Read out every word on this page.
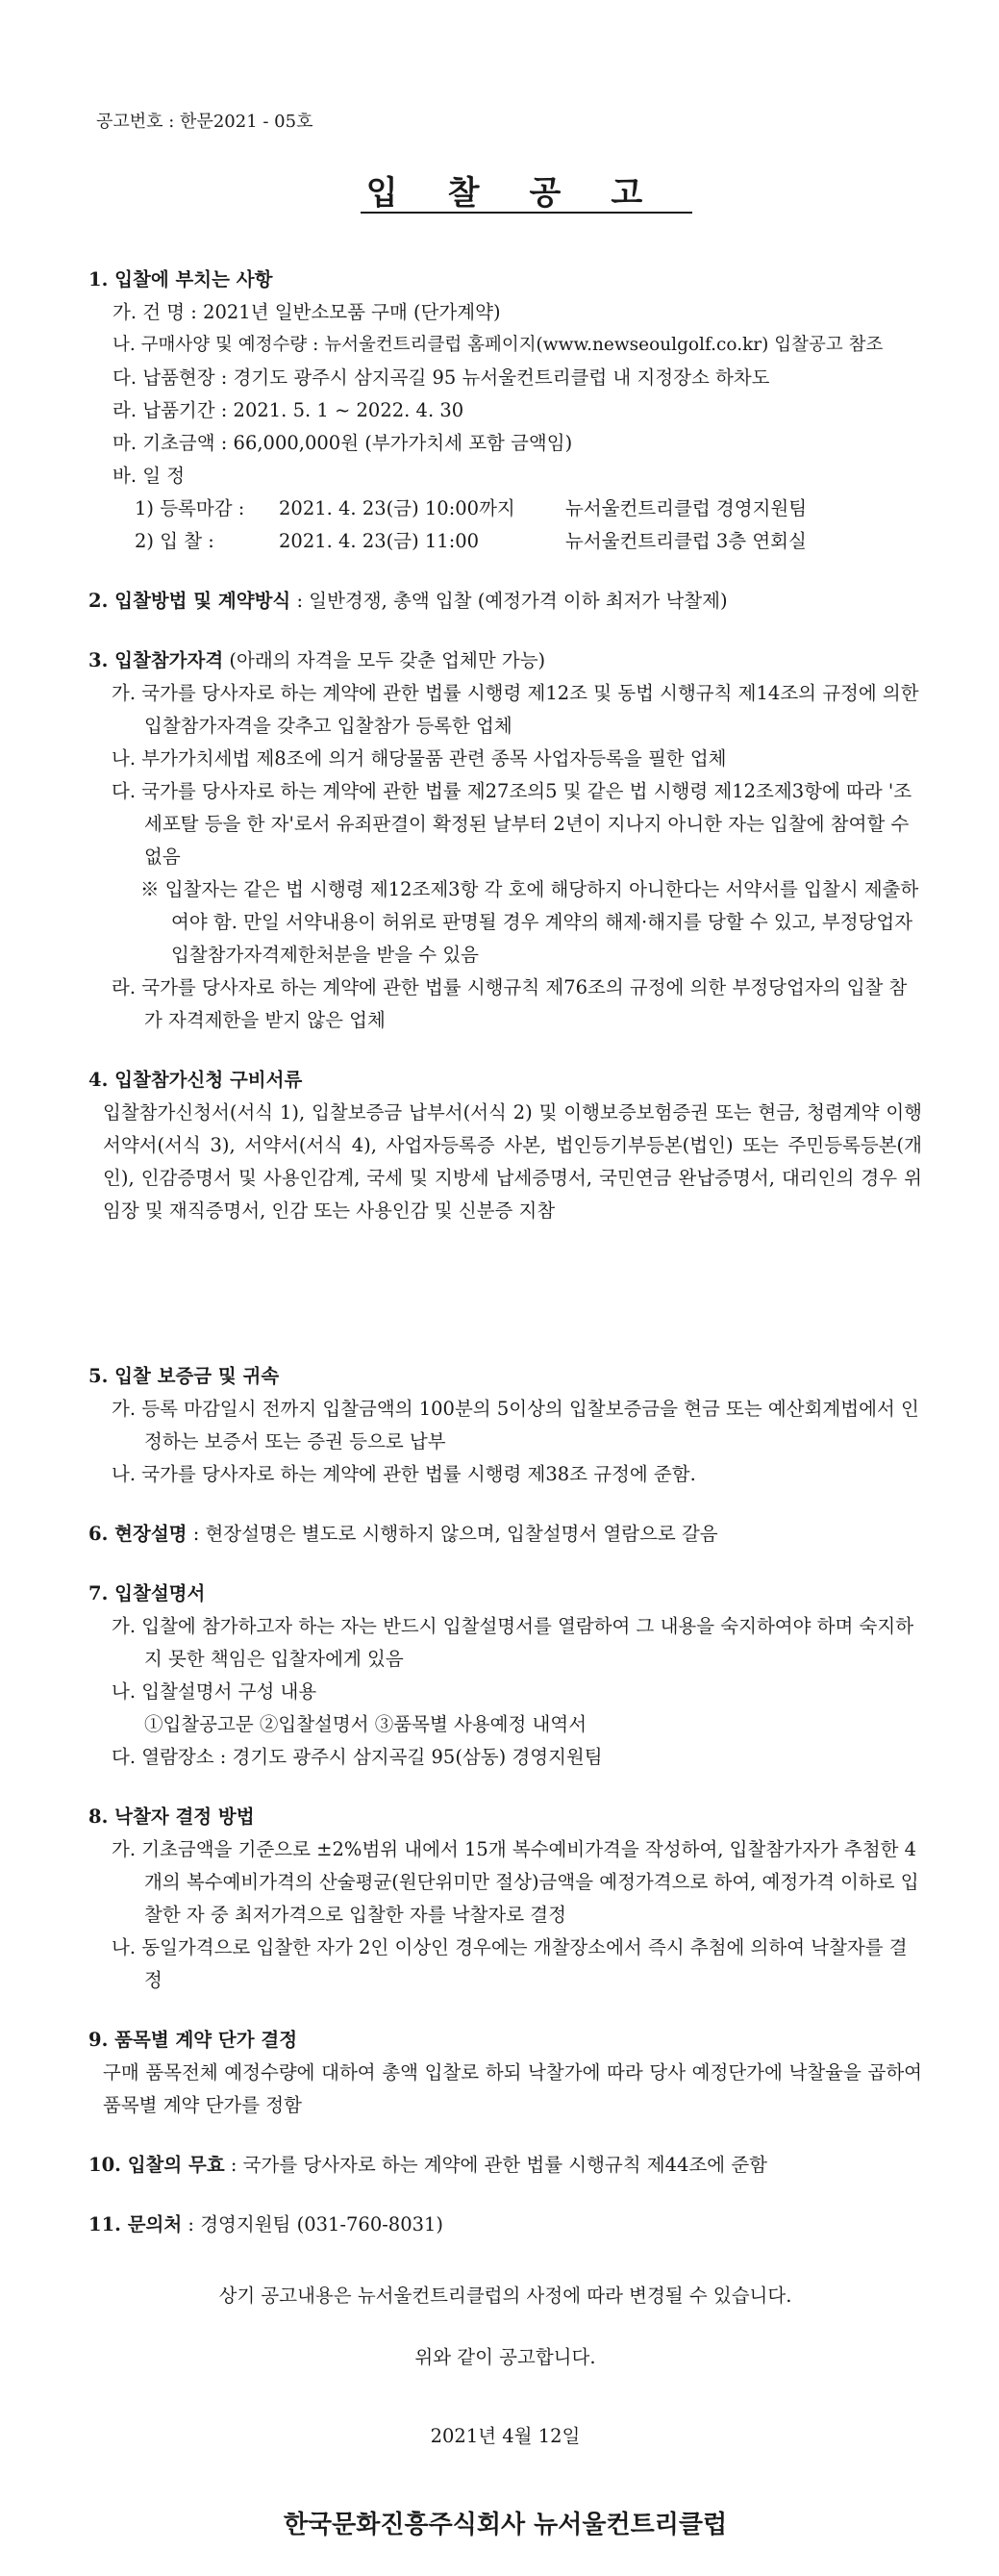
공고번호 : 한문2021 - 05호
입찰공고
1. 입찰에 부치는 사항
가. 건 명 : 2021년 일반소모품 구매 (단가계약)
나. 구매사양 및 예정수량 : 뉴서울컨트리클럽 홈페이지(www.newseoulgolf.co.kr) 입찰공고 참조
다. 납품현장 : 경기도 광주시 삼지곡길 95 뉴서울컨트리클럽 내 지정장소 하차도
라. 납품기간 : 2021. 5. 1 ~ 2022. 4. 30
마. 기초금액 : 66,000,000원 (부가가치세 포함 금액임)
바. 일 정
1) 등록마감 :	2021. 4. 23(금) 10:00까지	뉴서울컨트리클럽 경영지원팀
2) 입 찰 :	2021. 4. 23(금) 11:00	뉴서울컨트리클럽 3층 연회실
2. 입찰방법 및 계약방식 : 일반경쟁, 총액 입찰 (예정가격 이하 최저가 낙찰제)
3. 입찰참가자격 (아래의 자격을 모두 갖춘 업체만 가능)
가. 국가를 당사자로 하는 계약에 관한 법률 시행령 제12조 및 동법 시행규칙 제14조의 규정에 의한 입찰참가자격을 갖추고 입찰참가 등록한 업체
나. 부가가치세법 제8조에 의거 해당물품 관련 종목 사업자등록을 필한 업체
다. 국가를 당사자로 하는 계약에 관한 법률 제27조의5 및 같은 법 시행령 제12조제3항에 따라 '조세포탈 등을 한 자'로서 유죄판결이 확정된 날부터 2년이 지나지 아니한 자는 입찰에 참여할 수 없음
※ 입찰자는 같은 법 시행령 제12조제3항 각 호에 해당하지 아니한다는 서약서를 입찰시 제출하여야 함. 만일 서약내용이 허위로 판명될 경우 계약의 해제·해지를 당할 수 있고, 부정당업자 입찰참가자격제한처분을 받을 수 있음
라. 국가를 당사자로 하는 계약에 관한 법률 시행규칙 제76조의 규정에 의한 부정당업자의 입찰 참가 자격제한을 받지 않은 업체
4. 입찰참가신청 구비서류
입찰참가신청서(서식 1), 입찰보증금 납부서(서식 2) 및 이행보증보험증권 또는 현금, 청렴계약 이행 서약서(서식 3), 서약서(서식 4), 사업자등록증 사본, 법인등기부등본(법인) 또는 주민등록등본(개인), 인감증명서 및 사용인감계, 국세 및 지방세 납세증명서, 국민연금 완납증명서, 대리인의 경우 위임장 및 재직증명서, 인감 또는 사용인감 및 신분증 지참
5. 입찰 보증금 및 귀속
가. 등록 마감일시 전까지 입찰금액의 100분의 5이상의 입찰보증금을 현금 또는 예산회계법에서 인정하는 보증서 또는 증권 등으로 납부
나. 국가를 당사자로 하는 계약에 관한 법률 시행령 제38조 규정에 준함.
6. 현장설명 : 현장설명은 별도로 시행하지 않으며, 입찰설명서 열람으로 갈음
7. 입찰설명서
가. 입찰에 참가하고자 하는 자는 반드시 입찰설명서를 열람하여 그 내용을 숙지하여야 하며 숙지하지 못한 책임은 입찰자에게 있음
나. 입찰설명서 구성 내용
①입찰공고문 ②입찰설명서 ③품목별 사용예정 내역서
다. 열람장소 : 경기도 광주시 삼지곡길 95(삼동) 경영지원팀
8. 낙찰자 결정 방법
가. 기초금액을 기준으로 ±2%범위 내에서 15개 복수예비가격을 작성하여, 입찰참가자가 추첨한 4개의 복수예비가격의 산술평균(원단위미만 절상)금액을 예정가격으로 하여, 예정가격 이하로 입찰한 자 중 최저가격으로 입찰한 자를 낙찰자로 결정
나. 동일가격으로 입찰한 자가 2인 이상인 경우에는 개찰장소에서 즉시 추첨에 의하여 낙찰자를 결정
9. 품목별 계약 단가 결정
구매 품목전체 예정수량에 대하여 총액 입찰로 하되 낙찰가에 따라 당사 예정단가에 낙찰율을 곱하여 품목별 계약 단가를 정함
10. 입찰의 무효 : 국가를 당사자로 하는 계약에 관한 법률 시행규칙 제44조에 준함
11. 문의처 : 경영지원팀 (031-760-8031)
상기 공고내용은 뉴서울컨트리클럽의 사정에 따라 변경될 수 있습니다.
위와 같이 공고합니다.
2021년 4월 12일
한국문화진흥주식회사 뉴서울컨트리클럽
